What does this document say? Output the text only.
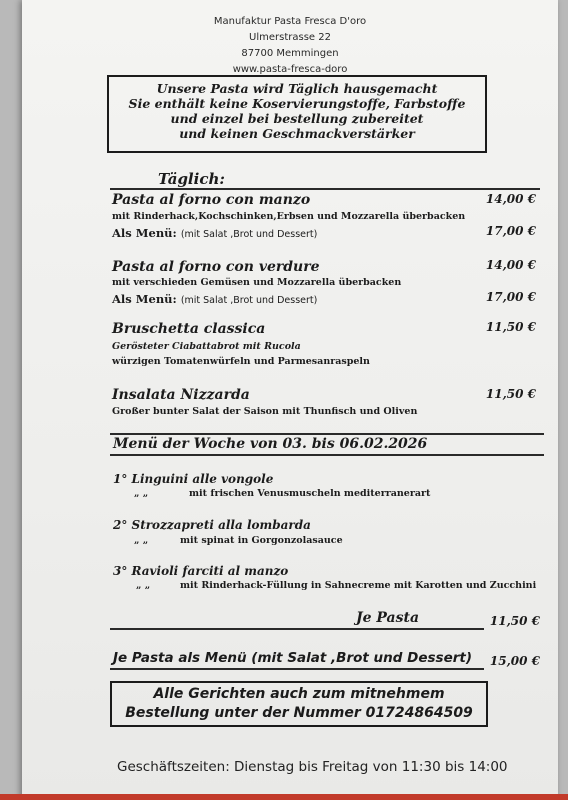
Manufaktur Pasta Fresca D'oro
Ulmerstrasse 22
87700 Memmingen
www.pasta-fresca-doro
Unsere Pasta wird Täglich hausgemacht
Sie enthält keine Koservierungstoffe, Farbstoffe
und einzel bei bestellung zubereitet
und keinen Geschmackverstärker
Täglich:
Pasta al forno con manzo	14,00 €
mit Rinderhack,Kochschinken,Erbsen und Mozzarella überbacken
Als Menü: (mit Salat ,Brot und Dessert)	17,00 €
Pasta al forno con verdure	14,00 €
mit verschieden Gemüsen und Mozzarella überbacken
Als Menü: (mit Salat ,Brot und Dessert)	17,00 €
Bruschetta classica	11,50 €
Gerösteter Ciabattabrot mit Rucola
würzigen Tomatenwürfeln und Parmesanraspeln
Insalata Nizzarda	11,50 €
Großer bunter Salat der Saison mit Thunfisch und Oliven
Menü der Woche von 03. bis 06.02.2026
1° Linguini alle vongole
„ „	mit frischen Venusmuscheln mediterranerart
2° Strozzapreti alla lombarda
„ „	mit spinat in Gorgonzolasauce
3° Ravioli farciti al manzo
„ „	mit Rinderhack-Füllung in Sahnecreme mit Karotten und Zucchini
Je Pasta	11,50 €
Je Pasta als Menü (mit Salat ,Brot und Dessert)	15,00 €
Alle Gerichten auch zum mitnehmem
Bestellung unter der Nummer 01724864509
Geschäftszeiten: Dienstag bis Freitag von 11:30 bis 14:00
